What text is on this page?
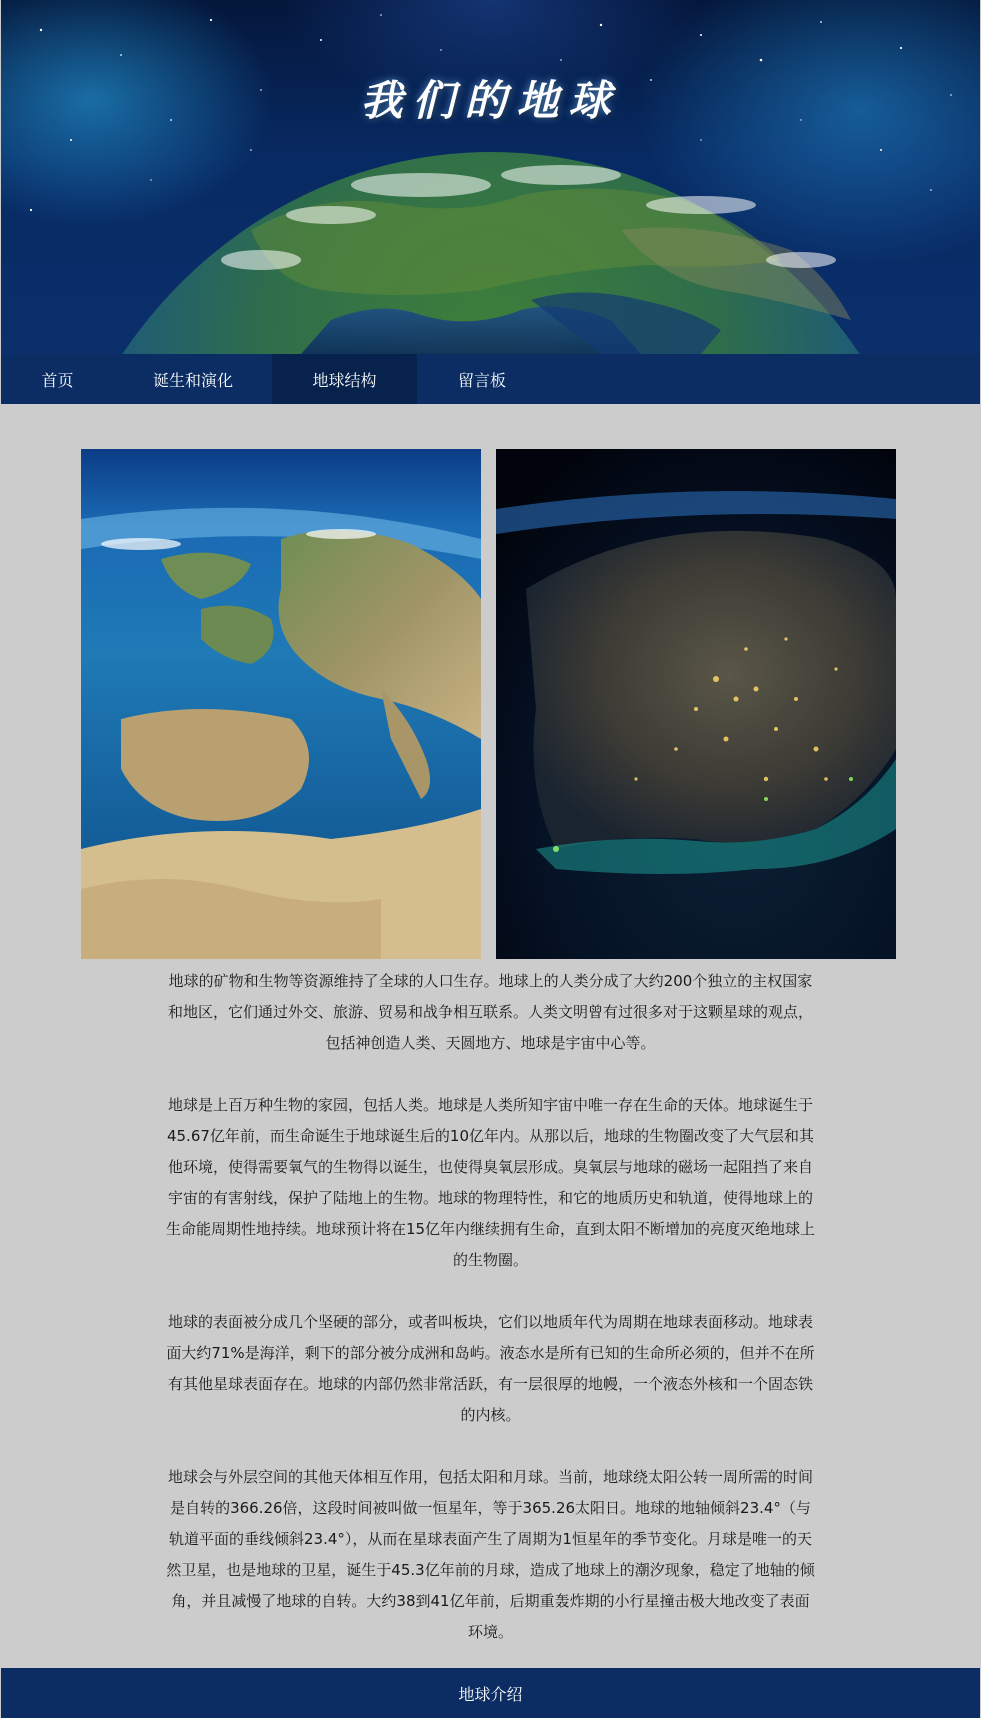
我们的地球
首页	诞生和演化	地球结构	留言板

地球的矿物和生物等资源维持了全球的人口生存。地球上的人类分成了大约200个独立的主权国家和地区，它们通过外交、旅游、贸易和战争相互联系。人类文明曾有过很多对于这颗星球的观点，包括神创造人类、天圆地方、地球是宇宙中心等。

地球是上百万种生物的家园，包括人类。地球是人类所知宇宙中唯一存在生命的天体。地球诞生于45.67亿年前，而生命诞生于地球诞生后的10亿年内。从那以后，地球的生物圈改变了大气层和其他环境，使得需要氧气的生物得以诞生，也使得臭氧层形成。臭氧层与地球的磁场一起阻挡了来自宇宙的有害射线，保护了陆地上的生物。地球的物理特性，和它的地质历史和轨道，使得地球上的生命能周期性地持续。地球预计将在15亿年内继续拥有生命，直到太阳不断增加的亮度灭绝地球上的生物圈。

地球的表面被分成几个坚硬的部分，或者叫板块，它们以地质年代为周期在地球表面移动。地球表面大约71%是海洋，剩下的部分被分成洲和岛屿。液态水是所有已知的生命所必须的，但并不在所有其他星球表面存在。地球的内部仍然非常活跃，有一层很厚的地幔，一个液态外核和一个固态铁的内核。

地球会与外层空间的其他天体相互作用，包括太阳和月球。当前，地球绕太阳公转一周所需的时间是自转的366.26倍，这段时间被叫做一恒星年，等于365.26太阳日。地球的地轴倾斜23.4°（与轨道平面的垂线倾斜23.4°），从而在星球表面产生了周期为1恒星年的季节变化。月球是唯一的天然卫星，也是地球的卫星，诞生于45.3亿年前的月球，造成了地球上的潮汐现象，稳定了地轴的倾角，并且减慢了地球的自转。大约38到41亿年前，后期重轰炸期的小行星撞击极大地改变了表面环境。

地球介绍
